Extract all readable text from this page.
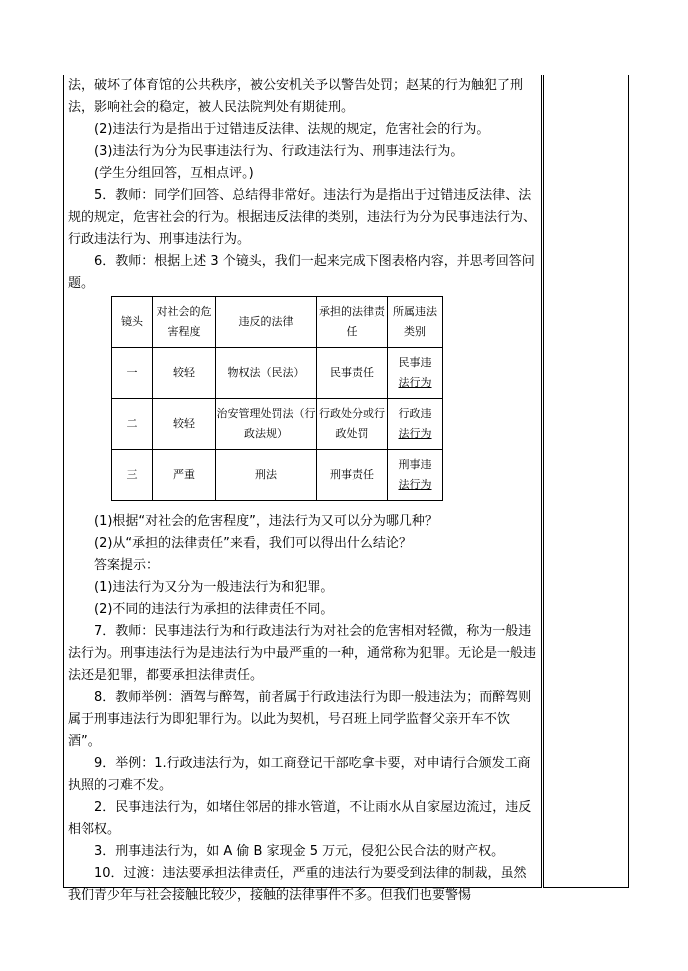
法，破坏了体育馆的公共秩序，被公安机关予以警告处罚；赵某的行为触犯了刑法，影响社会的稳定，被人民法院判处有期徒刑。

(2)违法行为是指出于过错违反法律、法规的规定，危害社会的行为。

(3)违法行为分为民事违法行为、行政违法行为、刑事违法行为。

(学生分组回答，互相点评。)

5．教师：同学们回答、总结得非常好。违法行为是指出于过错违反法律、法规的规定，危害社会的行为。根据违反法律的类别，违法行为分为民事违法行为、行政违法行为、刑事违法行为。

6．教师：根据上述 3 个镜头，我们一起来完成下图表格内容，并思考回答问题。

(1)根据“对社会的危害程度”，违法行为又可以分为哪几种？

(2)从“承担的法律责任”来看，我们可以得出什么结论？

答案提示：

(1)违法行为又分为一般违法行为和犯罪。

(2)不同的违法行为承担的法律责任不同。

7．教师：民事违法行为和行政违法行为对社会的危害相对轻微，称为一般违法行为。刑事违法行为是违法行为中最严重的一种，通常称为犯罪。无论是一般违法还是犯罪，都要承担法律责任。

8．教师举例：酒驾与醉驾，前者属于行政违法行为即一般违法为；而醉驾则属于刑事违法行为即犯罪行为。以此为契机，号召班上同学监督父亲开车不饮酒”。

9．举例：1.行政违法行为，如工商登记干部吃拿卡要，对申请行合颁发工商执照的刁难不发。

2．民事违法行为，如堵住邻居的排水管道，不让雨水从自家屋边流过，违反相邻权。

3．刑事违法行为，如 A 偷 B 家现金 5 万元，侵犯公民合法的财产权。

10．过渡：违法要承担法律责任，严重的违法行为要受到法律的制裁，虽然我们青少年与社会接触比较少，接触的法律事件不多。但我们也要警惕

镜头	对社会的危害程度	违反的法律	承担的法律责任	所属违法类别
一	较轻	物权法（民法）	民事责任	民事违
法行为

二	较轻	治安管理处罚法（行政法规）	行政处分或行政处罚	行政违
法行为

三	严重	刑法	刑事责任	刑事违
法行为
